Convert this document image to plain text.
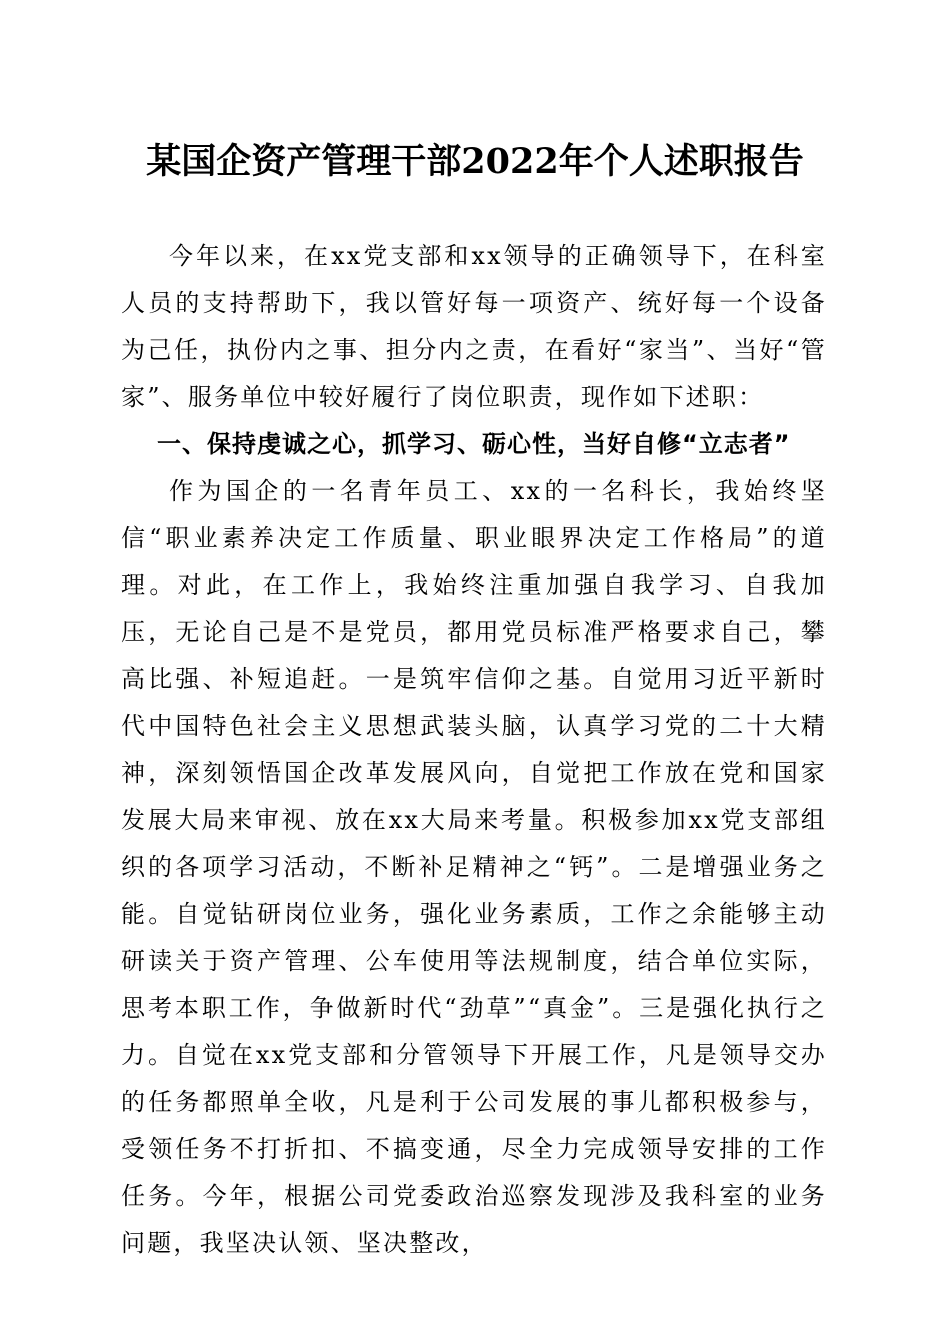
某国企资产管理干部2022年个人述职报告

今年以来，在xx党支部和xx领导的正确领导下，在科室人员的支持帮助下，我以管好每一项资产、统好每一个设备为己任，执份内之事、担分内之责，在看好“家当”、当好“管家”、服务单位中较好履行了岗位职责，现作如下述职：

一、保持虔诚之心，抓学习、砺心性，当好自修“立志者”

作为国企的一名青年员工、xx的一名科长，我始终坚信“职业素养决定工作质量、职业眼界决定工作格局”的道理。对此，在工作上，我始终注重加强自我学习、自我加压，无论自己是不是党员，都用党员标准严格要求自己，攀高比强、补短追赶。一是筑牢信仰之基。自觉用习近平新时代中国特色社会主义思想武装头脑，认真学习党的二十大精神，深刻领悟国企改革发展风向，自觉把工作放在党和国家发展大局来审视、放在xx大局来考量。积极参加xx党支部组织的各项学习活动，不断补足精神之“钙”。二是增强业务之能。自觉钻研岗位业务，强化业务素质，工作之余能够主动研读关于资产管理、公车使用等法规制度，结合单位实际，思考本职工作，争做新时代“劲草”“真金”。三是强化执行之力。自觉在xx党支部和分管领导下开展工作，凡是领导交办的任务都照单全收，凡是利于公司发展的事儿都积极参与，受领任务不打折扣、不搞变通，尽全力完成领导安排的工作任务。今年，根据公司党委政治巡察发现涉及我科室的业务问题，我坚决认领、坚决整改，
